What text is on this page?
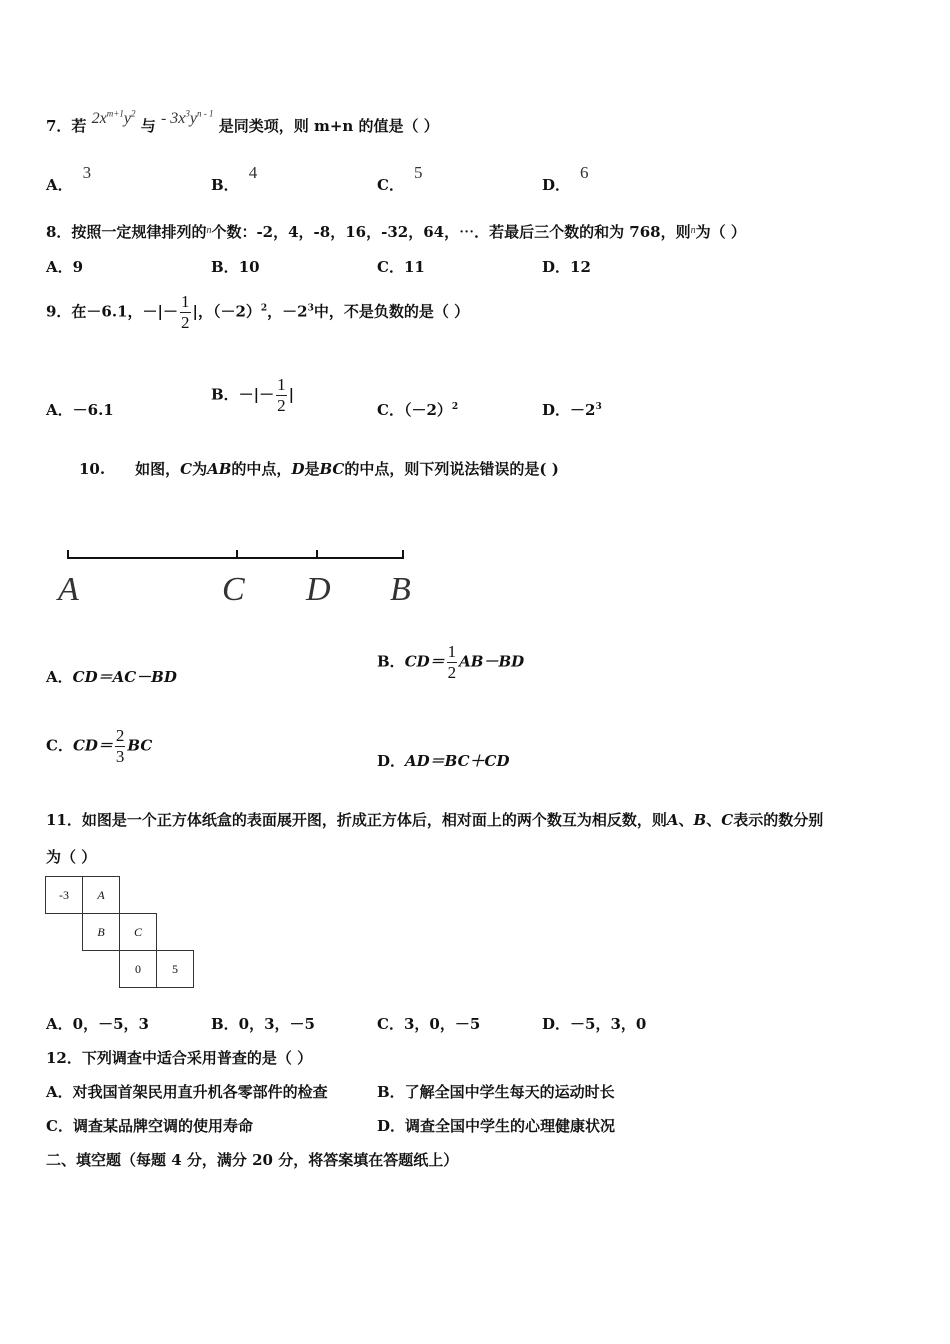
7．若 $2x^{m+1}y^2$ 与 - $3x^3y^{n - 1}$ 是同类项，则 m+n 的值是（ ）
A．3
B．4
C．5
D．6
8．按照一定规律排列的$^n$个数：-2，4，-8，16，-32，64，⋯．若最后三个数的和为 768，则$^n$为（ ）
A．9	B．10	C．11	D．12
9．在－6.1，－|－ $\frac{1}{2}$ |，$(-2)^2$，$-2^3$中，不是负数的是（ ）
A．－6.1
B．－|－ $\frac{1}{2}$ |
C．$(-2)^2$	D．$-2^3$
10. 如图，C为AB的中点，D是BC的中点，则下列说法错误的是( )
A	C D B
A．CD＝AC－BD
B．$CD= \frac{1}{2} AB-BD$
C．$CD= \frac{2}{3}$ BC
D．AD＝BC＋CD
11．如图是一个正方体纸盒的表面展开图，折成正方体后，相对面上的两个数互为相反数，则A、B、C表示的数分别
为（ ）
-3	A		
	B	C	
		0	5
A．0，－5，3	B．0，3，－5	C．3，0，－5	D．－5，3，0
12．下列调查中适合采用普查的是（ ）
A．对我国首架民用直升机各零部件的检查	B．了解全国中学生每天的运动时长
C．调查某品牌空调的使用寿命	D．调查全国中学生的心理健康状况
二、填空题（每题 4 分，满分 20 分，将答案填在答题纸上）
